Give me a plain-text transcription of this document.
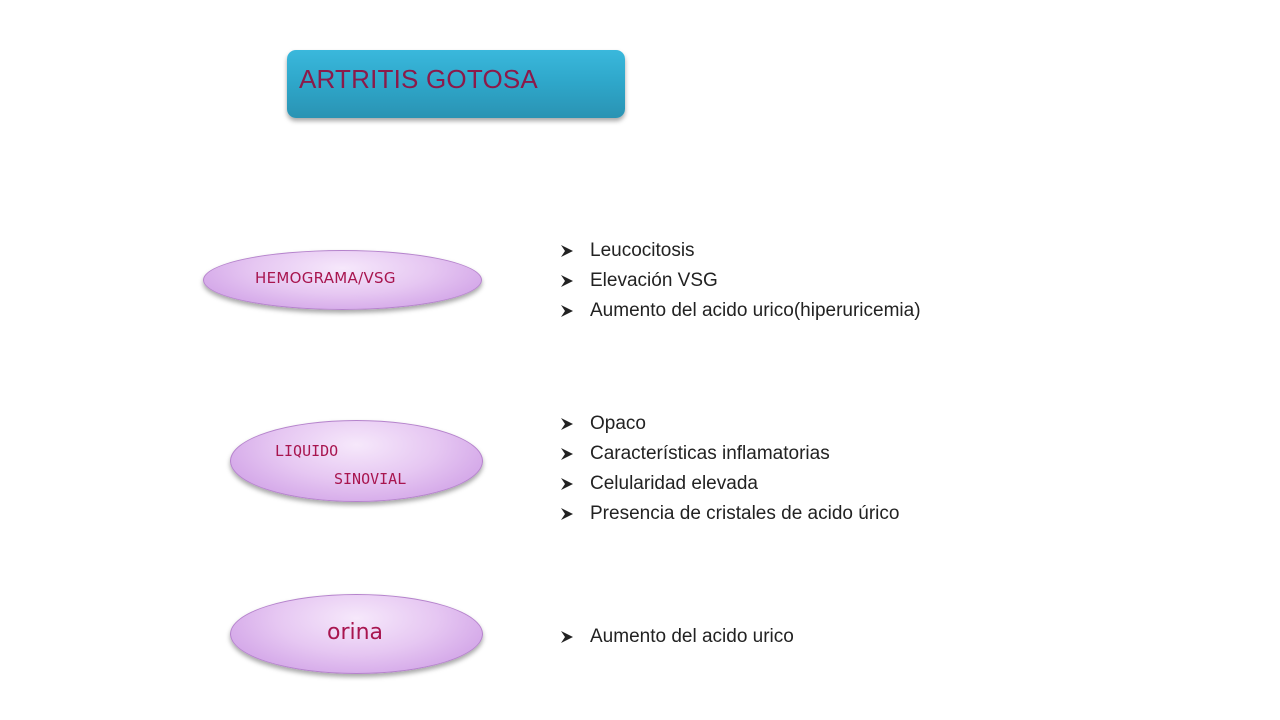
ARTRITIS GOTOSA
HEMOGRAMA/VSG
LIQUIDO
SINOVIAL
orina
Leucocitosis
Elevación VSG
Aumento del acido urico(hiperuricemia)
Opaco
Características inflamatorias
Celularidad elevada
Presencia de cristales de acido úrico
Aumento del acido urico
